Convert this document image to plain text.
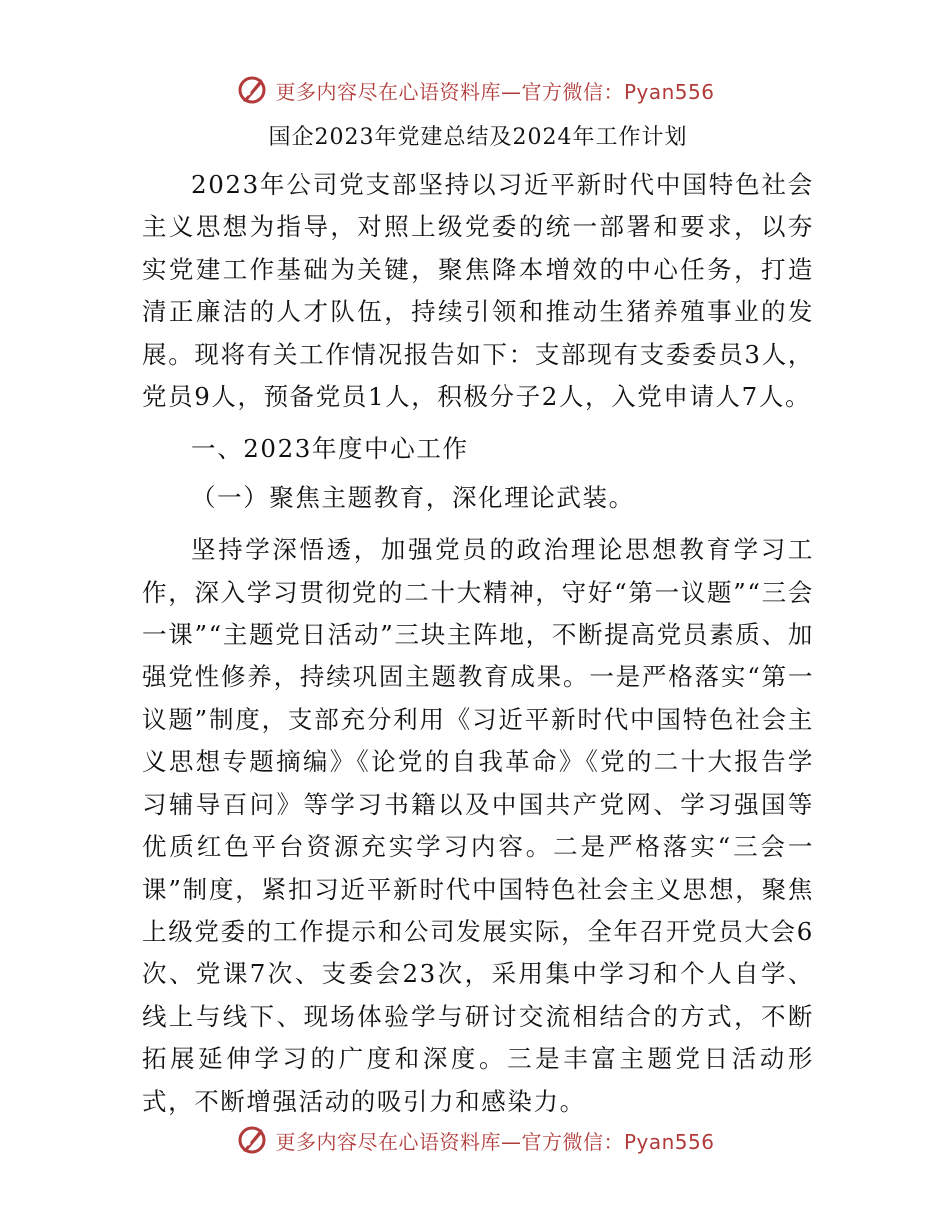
更多内容尽在心语资料库—官方微信：Pyan556
国企2023年党建总结及2024年工作计划

2023年公司党支部坚持以习近平新时代中国特色社会主义思想为指导，对照上级党委的统一部署和要求，以夯实党建工作基础为关键，聚焦降本增效的中心任务，打造清正廉洁的人才队伍，持续引领和推动生猪养殖事业的发展。现将有关工作情况报告如下：支部现有支委委员3人，党员9人，预备党员1人，积极分子2人，入党申请人7人。

一、2023年度中心工作

（一）聚焦主题教育，深化理论武装。

坚持学深悟透，加强党员的政治理论思想教育学习工作，深入学习贯彻党的二十大精神，守好“第一议题”“三会一课”“主题党日活动”三块主阵地，不断提高党员素质、加强党性修养，持续巩固主题教育成果。一是严格落实“第一议题”制度，支部充分利用《习近平新时代中国特色社会主义思想专题摘编》《论党的自我革命》《党的二十大报告学习辅导百问》等学习书籍以及中国共产党网、学习强国等优质红色平台资源充实学习内容。二是严格落实“三会一课”制度，紧扣习近平新时代中国特色社会主义思想，聚焦上级党委的工作提示和公司发展实际，全年召开党员大会6次、党课7次、支委会23次，采用集中学习和个人自学、线上与线下、现场体验学与研讨交流相结合的方式，不断拓展延伸学习的广度和深度。三是丰富主题党日活动形式，不断增强活动的吸引力和感染力。

更多内容尽在心语资料库—官方微信：Pyan556
